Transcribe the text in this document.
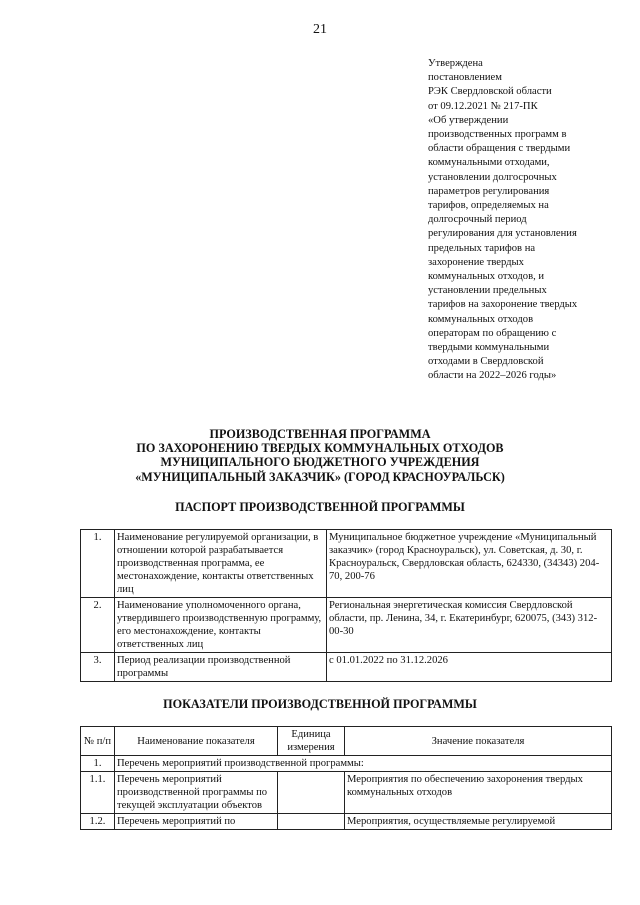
21
Утверждена
постановлением
РЭК Свердловской области
от 09.12.2021 № 217-ПК
«Об утверждении
производственных программ в
области обращения с твердыми
коммунальными отходами,
установлении долгосрочных
параметров регулирования
тарифов, определяемых на
долгосрочный период
регулирования для установления
предельных тарифов на
захоронение твердых
коммунальных отходов, и
установлении предельных
тарифов на захоронение твердых
коммунальных отходов
операторам по обращению с
твердыми коммунальными
отходами в Свердловской
области на 2022–2026 годы»
ПРОИЗВОДСТВЕННАЯ ПРОГРАММА
ПО ЗАХОРОНЕНИЮ ТВЕРДЫХ КОММУНАЛЬНЫХ ОТХОДОВ
МУНИЦИПАЛЬНОГО БЮДЖЕТНОГО УЧРЕЖДЕНИЯ
«МУНИЦИПАЛЬНЫЙ ЗАКАЗЧИК» (ГОРОД КРАСНОУРАЛЬСК)
ПАСПОРТ ПРОИЗВОДСТВЕННОЙ ПРОГРАММЫ
1.	Наименование регулируемой организации, в отношении которой разрабатывается производственная программа, ее местонахождение, контакты ответственных лиц	Муниципальное бюджетное учреждение «Муниципальный заказчик» (город Красноуральск), ул. Советская, д. 30, г. Красноуральск, Свердловская область, 624330, (34343) 204-70, 200-76
2.	Наименование уполномоченного органа, утвердившего производственную программу, его местонахождение, контакты ответственных лиц	Региональная энергетическая комиссия Свердловской области, пр. Ленина, 34, г. Екатеринбург, 620075, (343) 312-00-30
3.	Период реализации производственной программы	с 01.01.2022 по 31.12.2026
ПОКАЗАТЕЛИ ПРОИЗВОДСТВЕННОЙ ПРОГРАММЫ
№ п/п	Наименование показателя	Единица измерения	Значение показателя
1.	Перечень мероприятий производственной программы:		
1.1.	Перечень мероприятий производственной программы по текущей эксплуатации объектов		Мероприятия по обеспечению захоронения твердых коммунальных отходов
1.2.	Перечень мероприятий по		Мероприятия, осуществляемые регулируемой
